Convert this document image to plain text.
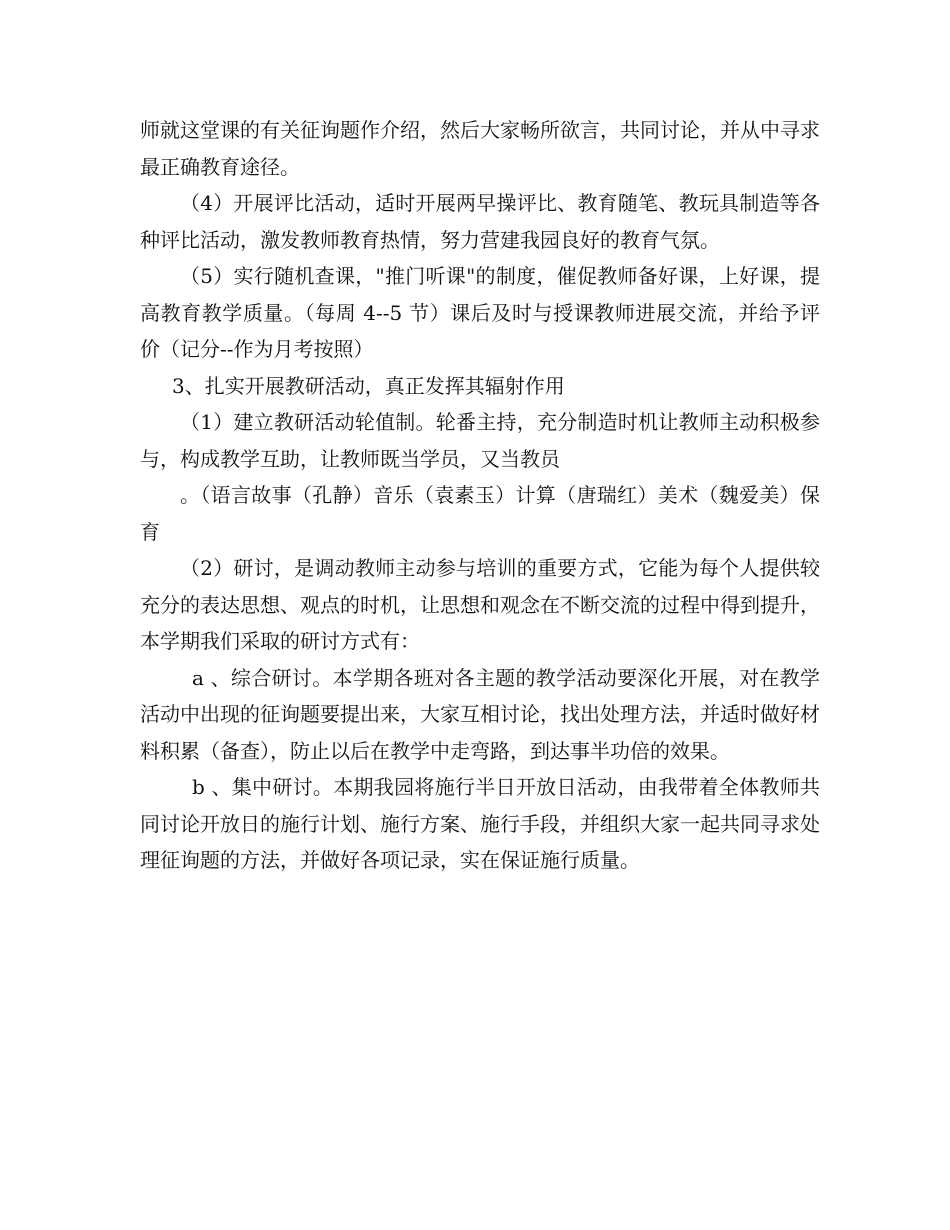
师就这堂课的有关征询题作介绍，然后大家畅所欲言，共同讨论，并从中寻求最正确教育途径。

（4）开展评比活动，适时开展两早操评比、教育随笔、教玩具制造等各种评比活动，激发教师教育热情，努力营建我园良好的教育气氛。

（5）实行随机查课，"推门听课"的制度，催促教师备好课，上好课，提高教育教学质量。（每周 4--5 节）课后及时与授课教师进展交流，并给予评价（记分--作为月考按照）

3、扎实开展教研活动，真正发挥其辐射作用

（1）建立教研活动轮值制。轮番主持，充分制造时机让教师主动积极参与，构成教学互助，让教师既当学员，又当教员

。（语言故事（孔静）音乐（袁素玉）计算（唐瑞红）美术（魏爱美）保育

（2）研讨，是调动教师主动参与培训的重要方式，它能为每个人提供较充分的表达思想、观点的时机，让思想和观念在不断交流的过程中得到提升，本学期我们采取的研讨方式有：

a 、综合研讨。本学期各班对各主题的教学活动要深化开展，对在教学活动中出现的征询题要提出来，大家互相讨论，找出处理方法，并适时做好材料积累（备查），防止以后在教学中走弯路，到达事半功倍的效果。

b 、集中研讨。本期我园将施行半日开放日活动，由我带着全体教师共同讨论开放日的施行计划、施行方案、施行手段，并组织大家一起共同寻求处理征询题的方法，并做好各项记录，实在保证施行质量。
